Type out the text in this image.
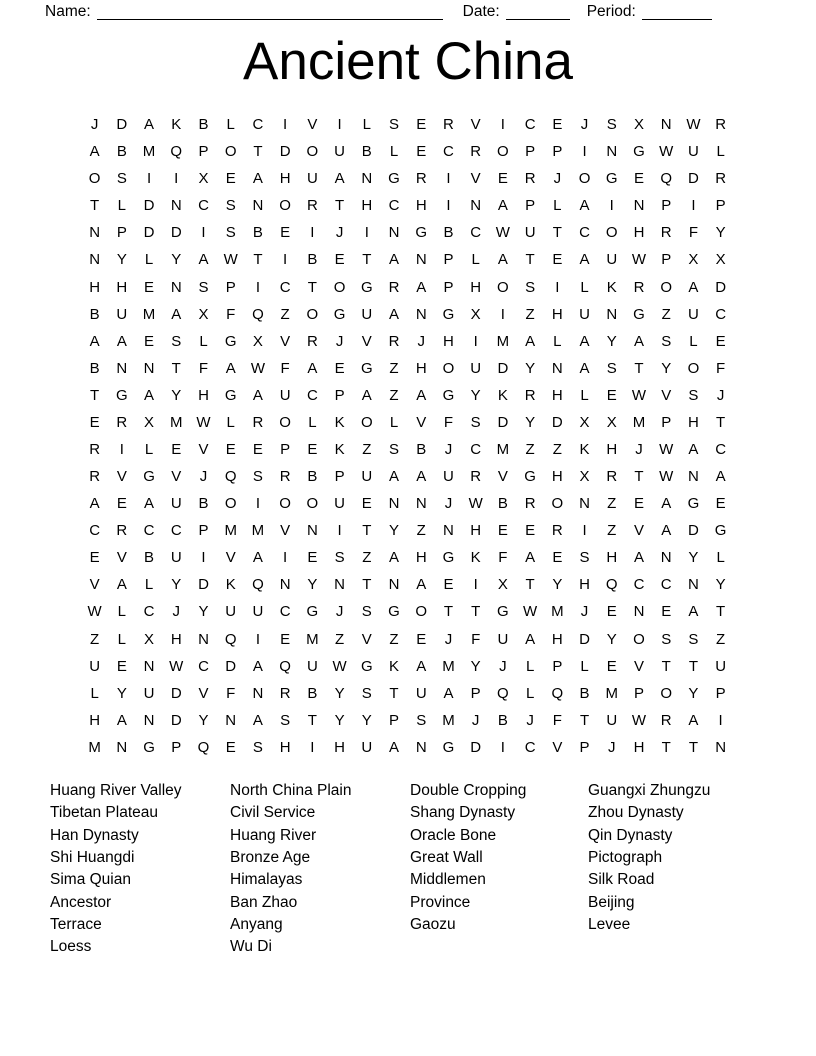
Name:	Date:	Period:
Ancient China
J	D	A	K	B	L	C	I	V	I	L	S	E	R	V	I	C	E	J	S	X	N W R
A	B	M	Q	P	O	T	D	O	U	B	L	E	C	R	O	P	P	I	N	G W U	L
O	S	I	I	X	E	A	H	U	A	N	G	R	I	V	E	R	J	O	G	E	Q	D	R
T	L	D	N	C	S	N	O	R	T	H	C	H	I	N	A	P	L	A	I	N	P	I	P
N	P	D	D	I	S	B	E	I	J	I	N	G	B	C W U	T	C	O	H	R	F	Y
N	Y	L	Y	A	W	T	I	B	E	T	A	N	P	L	A	T	E	A	U W	P	X	X
H	H	E	N	S	P	I	C	T	O	G	R	A	P	H	O	S	I	L	K	R	O	A	D
B	U	M	A	X	F	Q	Z	O	G	U	A	N	G	X	I	Z	H	U	N	G	Z	U	C
A	A	E	S	L	G	X	V	R	J	V	R	J	H	I	M	A	L	A	Y	A	S	L	E
B	N	N	T	F	A	W	F	A	E	G	Z	H	O	U	D	Y	N	A	S	T	Y	O	F
T	G	A	Y	H	G	A	U	C	P	A	Z	A	G	Y	K	R	H	L	E	W	V	S	J
E	R	X	M W	L	R	O	L	K	O	L	V	F	S	D	Y	D	X	X	M	P	H	T
R	I	L	E	V	E	E	P	E	K	Z	S	B	J	C	M	Z	Z	K	H	J	W	A	C
R	V	G	V	J	Q	S	R	B	P	U	A	A	U	R	V	G	H	X	R	T	W N	A
A	E	A	U	B	O	I	O	O	U	E	N	N	J	W	B	R	O	N	Z	E	A	G	E
C	R	C	C	P	M M	V	N	I	T	Y	Z	N	H	E	E	R	I	Z	V	A	D	G
E	V	B	U	I	V	A	I	E	S	Z	A	H	G	K	F	A	E	S	H	A	N	Y	L
V	A	L	Y	D	K	Q	N	Y	N	T	N	A	E	I	X	T	Y	H	Q	C	C	N	Y
W	L	C	J	Y	U	U	C	G	J	S	G	O	T	T	G W M	J	E	N	E	A	T
Z	L	X	H	N	Q	I	E	M	Z	V	Z	E	J	F	U	A	H	D	Y	O	S	S	Z
U	E	N W C	D	A	Q	U W G	K	A	M	Y	J	L	P	L	E	V	T	T	U
L	Y	U	D	V	F	N	R	B	Y	S	T	U	A	P	Q	L	Q	B	M	P	O	Y	P
H	A	N	D	Y	N	A	S	T	Y	Y	P	S	M	J	B	J	F	T	U W R	A	I
M	N	G	P	Q	E	S	H	I	H	U	A	N	G	D	I	C	V	P	J	H	T	T	N
Huang River Valley
Tibetan Plateau
Han Dynasty
Shi Huangdi
Sima Quian
Ancestor
Terrace
Loess
North China Plain
Civil Service
Huang River
Bronze Age
Himalayas
Ban Zhao
Anyang
Wu Di
Double Cropping
Shang Dynasty
Oracle Bone
Great Wall
Middlemen
Province
Gaozu
Guangxi Zhungzu
Zhou Dynasty
Qin Dynasty
Pictograph
Silk Road
Beijing
Levee
